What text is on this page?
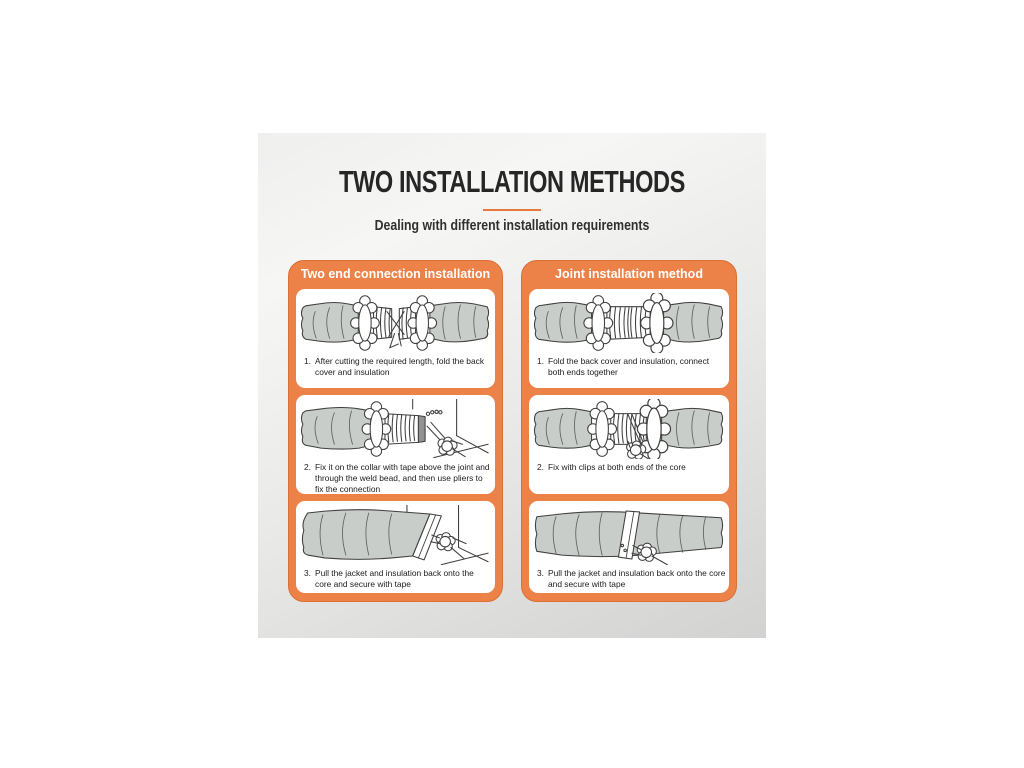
TWO INSTALLATION METHODS
Dealing with different installation requirements
Two end connection installation
1. After cutting the required length, fold the back cover and insulation
2. Fix it on the collar with tape above the joint and through the weld bead, and then use pliers to fix the connection
3. Pull the jacket and insulation back onto the core and secure with tape
Joint installation method
1. Fold the back cover and insulation, connect both ends together
2. Fix with clips at both ends of the core
3. Pull the jacket and insulation back onto the core and secure with tape
